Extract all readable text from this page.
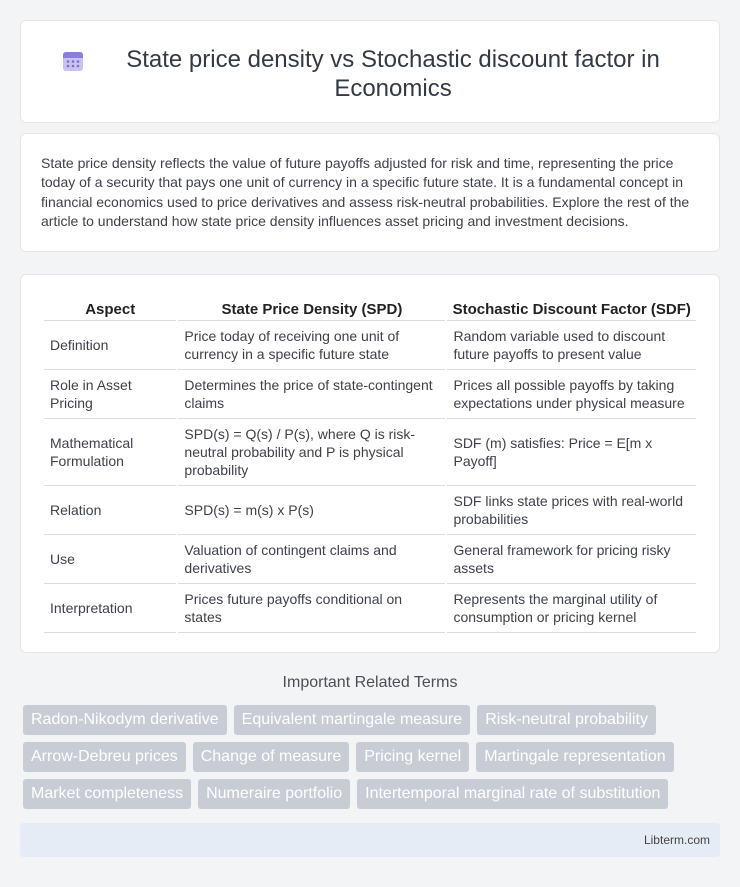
State price density vs Stochastic discount factor in Economics

State price density reflects the value of future payoffs adjusted for risk and time, representing the price today of a security that pays one unit of currency in a specific future state. It is a fundamental concept in financial economics used to price derivatives and assess risk-neutral probabilities. Explore the rest of the article to understand how state price density influences asset pricing and investment decisions.

Aspect	State Price Density (SPD)	Stochastic Discount Factor (SDF)
Definition	Price today of receiving one unit of currency in a specific future state	Random variable used to discount future payoffs to present value
Role in Asset Pricing	Determines the price of state-contingent claims	Prices all possible payoffs by taking expectations under physical measure
Mathematical Formulation	SPD(s) = Q(s) / P(s), where Q is risk-neutral probability and P is physical probability	SDF (m) satisfies: Price = E[m x Payoff]
Relation	SPD(s) = m(s) x P(s)	SDF links state prices with real-world probabilities
Use	Valuation of contingent claims and derivatives	General framework for pricing risky assets
Interpretation	Prices future payoffs conditional on states	Represents the marginal utility of consumption or pricing kernel
Important Related Terms
Radon-Nikodym derivative	Equivalent martingale measure	Risk-neutral probability
Arrow-Debreu prices	Change of measure	Pricing kernel	Martingale representation
Market completeness	Numeraire portfolio	Intertemporal marginal rate of substitution
Libterm.com
